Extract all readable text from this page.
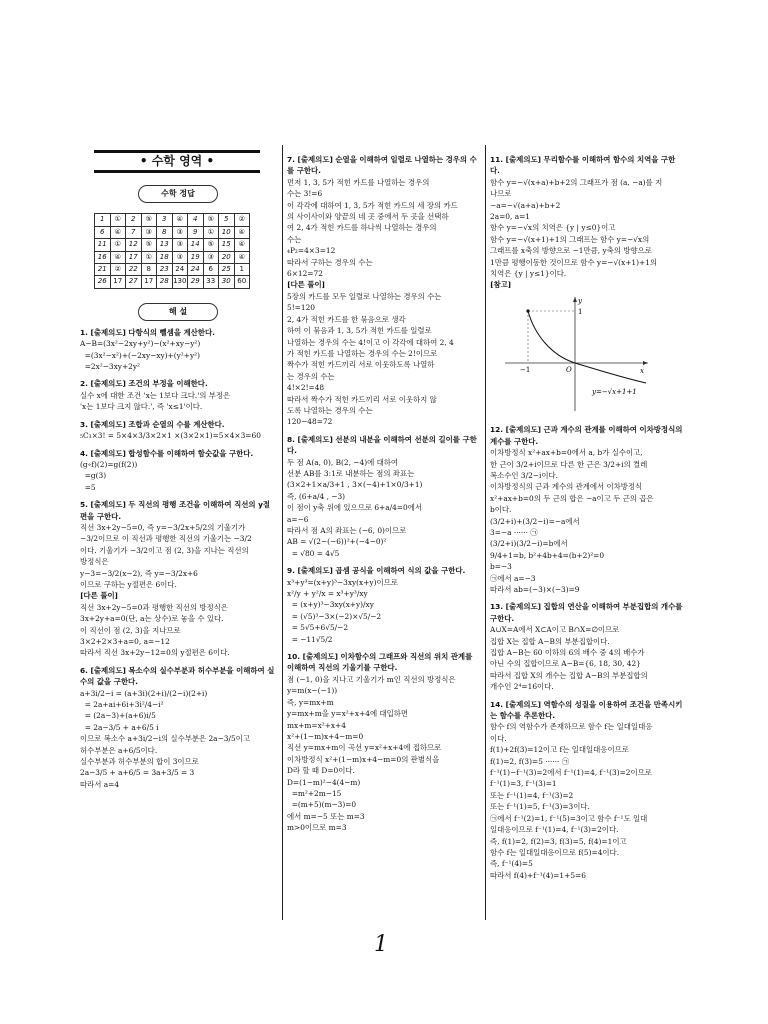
• 수학 영역 •
수학 정답
1	①	2	⑤	3	④	4	⑤	5	②
6	④	7	③	8	③	9	①	10	④
11	①	12	⑤	13	③	14	⑤	15	④
16	④	17	①	18	③	19	③	20	④
21	②	22	8	23	24	24	6	25	1
26	17	27	17	28	130	29	33	30	60
해 설
1. [출제의도] 다항식의 뺄셈을 계산한다.
A−B=(3x²−2xy+y²)−(x²+xy−y²)
=(3x²−x²)+(−2xy−xy)+(y²+y²)
=2x²−3xy+2y²
2. [출제의도] 조건의 부정을 이해한다.
실수 x에 대한 조건 'x는 1보다 크다.'의 부정은
'x는 1보다 크지 않다.', 즉 'x≤1'이다.
3. [출제의도] 조합과 순열의 수를 계산한다.
₅C₃×3! = 5×4×3/3×2×1 ×(3×2×1)=5×4×3=60
4. [출제의도] 합성함수를 이해하여 함숫값을 구한다.
(g∘f)(2)=g(f(2))
=g(3)
=5
5. [출제의도] 두 직선의 평행 조건을 이해하여 직선의 y절편을 구한다.
직선 3x+2y−5=0, 즉 y=−3/2x+5/2의 기울기가
−3/2이므로 이 직선과 평행한 직선의 기울기는 −3/2
이다. 기울기가 −3/2이고 점 (2, 3)을 지나는 직선의
방정식은
y−3=−3/2(x−2), 즉 y=−3/2x+6
이므로 구하는 y절편은 6이다.
[다른 풀이]
직선 3x+2y−5=0과 평행한 직선의 방정식은
3x+2y+a=0(단, a는 상수)로 놓을 수 있다.
이 직선이 점 (2, 3)을 지나므로
3×2+2×3+a=0, a=−12
따라서 직선 3x+2y−12=0의 y절편은 6이다.
6. [출제의도] 복소수의 실수부분과 허수부분을 이해하여 실수의 값을 구한다.
a+3i/2−i = (a+3i)(2+i)/(2−i)(2+i)
= 2a+ai+6i+3i²/4−i²
= (2a−3)+(a+6)i/5
= 2a−3/5 + a+6/5 i
이므로 복소수 a+3i/2−i의 실수부분은 2a−3/5이고
허수부분은 a+6/5이다.
실수부분과 허수부분의 합이 3이므로
2a−3/5 + a+6/5 = 3a+3/5 = 3
따라서 a=4
7. [출제의도] 순열을 이해하여 일렬로 나열하는 경우의 수를 구한다.
먼저 1, 3, 5가 적힌 카드를 나열하는 경우의
수는 3!=6
이 각각에 대하여 1, 3, 5가 적힌 카드의 세 장의 카드
의 사이사이와 양끝의 네 곳 중에서 두 곳을 선택하
여 2, 4가 적힌 카드를 하나씩 나열하는 경우의
수는
₄P₂=4×3=12
따라서 구하는 경우의 수는
6×12=72
[다른 풀이]
5장의 카드를 모두 일렬로 나열하는 경우의 수는
5!=120
2, 4가 적힌 카드를 한 묶음으로 생각
하여 이 묶음과 1, 3, 5가 적힌 카드를 일렬로
나열하는 경우의 수는 4!이고 이 각각에 대하여 2, 4
가 적힌 카드를 나열하는 경우의 수는 2!이므로
짝수가 적힌 카드끼리 서로 이웃하도록 나열하
는 경우의 수는
4!×2!=48
따라서 짝수가 적힌 카드끼리 서로 이웃하지 않
도록 나열하는 경우의 수는
120−48=72
8. [출제의도] 선분의 내분을 이해하여 선분의 길이를 구한다.
두 점 A(a, 0), B(2, −4)에 대하여
선분 AB를 3:1로 내분하는 점의 좌표는
(3×2+1×a/3+1 , 3×(−4)+1×0/3+1)
즉, (6+a/4 , −3)
이 점이 y축 위에 있으므로 6+a/4=0에서
a=−6
따라서 점 A의 좌표는 (−6, 0)이므로
AB = √(2−(−6))²+(−4−0)²
= √80 = 4√5
9. [출제의도] 곱셈 공식을 이해하여 식의 값을 구한다.
x³+y³=(x+y)³−3xy(x+y)이므로
x²/y + y²/x = x³+y³/xy
= (x+y)³−3xy(x+y)/xy
= (√5)³−3×(−2)×√5/−2
= 5√5+6√5/−2
= −11√5/2
10. [출제의도] 이차함수의 그래프와 직선의 위치 관계를 이해하여 직선의 기울기를 구한다.
점 (−1, 0)을 지나고 기울기가 m인 직선의 방정식은
y=m(x−(−1))
즉, y=mx+m
y=mx+m을 y=x²+x+4에 대입하면
mx+m=x²+x+4
x²+(1−m)x+4−m=0
직선 y=mx+m이 곡선 y=x²+x+4에 접하므로
이차방정식 x²+(1−m)x+4−m=0의 판별식을
D라 할 때 D=0이다.
D=(1−m)²−4(4−m)
=m²+2m−15
=(m+5)(m−3)=0
에서 m=−5 또는 m=3
m>0이므로 m=3
11. [출제의도] 무리함수를 이해하여 함수의 치역을 구한다.
함수 y=−√(x+a)+b+2의 그래프가 점 (a, −a)를 지
나므로
−a=−√(a+a)+b+2
2a=0, a=1
함수 y=−√x의 치역은 {y | y≤0}이고
함수 y=−√(x+1)+1의 그래프는 함수 y=−√x의
그래프를 x축의 방향으로 −1만큼, y축의 방향으로
1만큼 평행이동한 것이므로 함수 y=−√(x+1)+1의
치역은 {y | y≤1}이다.
[참고]
x
y
O
−1
1
y=−√x+1+1
12. [출제의도] 근과 계수의 관계를 이해하여 이차방정식의 계수를 구한다.
이차방정식 x²+ax+b=0에서 a, b가 실수이고,
한 근이 3/2+i이므로 다른 한 근은 3/2+i의 켤레
복소수인 3/2−i이다.
이차방정식의 근과 계수의 관계에서 이차방정식
x²+ax+b=0의 두 근의 합은 −a이고 두 근의 곱은
b이다.
(3/2+i)+(3/2−i)=−a에서
3=−a ······ ㉠
(3/2+i)(3/2−i)=b에서
9/4+1=b, b²+4b+4=(b+2)²=0
b=−3
㉠에서 a=−3
따라서 ab=(−3)×(−3)=9
13. [출제의도] 집합의 연산을 이해하여 부분집합의 개수를 구한다.
A∪X=A에서 X⊂A이고 B∩X=∅이므로
집합 X는 집합 A−B의 부분집합이다.
집합 A−B는 60 이하의 6의 배수 중 4의 배수가
아닌 수의 집합이므로 A−B={6, 18, 30, 42}
따라서 집합 X의 개수는 집합 A−B의 부분집합의
개수인 2⁴=16이다.
14. [출제의도] 역함수의 성질을 이용하여 조건을 만족시키는 함수를 추론한다.
함수 f의 역함수가 존재하므로 함수 f는 일대일대응
이다.
f(1)+2f(3)=12이고 f는 일대일대응이므로
f(1)=2, f(3)=5 ······ ㉠
f⁻¹(1)−f⁻¹(3)=2에서 f⁻¹(1)=4, f⁻¹(3)=2이므로
f⁻¹(1)=3, f⁻¹(3)=1
또는 f⁻¹(1)=4, f⁻¹(3)=2
또는 f⁻¹(1)=5, f⁻¹(3)=3이다.
㉠에서 f⁻¹(2)=1, f⁻¹(5)=3이고 함수 f⁻¹도 일대
일대응이므로 f⁻¹(1)=4, f⁻¹(3)=2이다.
즉, f(1)=2, f(2)=3, f(3)=5, f(4)=1이고
함수 f는 일대일대응이므로 f(5)=4이다.
즉, f⁻¹(4)=5
따라서 f(4)+f⁻¹(4)=1+5=6
1
